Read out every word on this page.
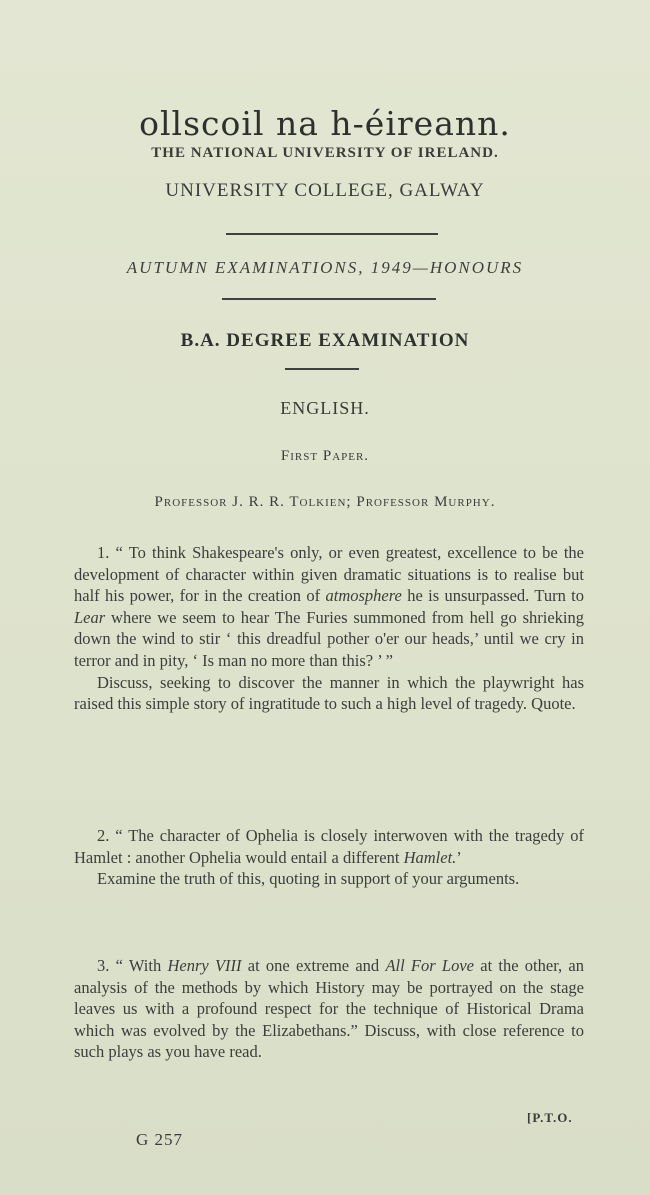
ollscoil na h-éireann.
THE NATIONAL UNIVERSITY OF IRELAND.
UNIVERSITY COLLEGE, GALWAY
AUTUMN EXAMINATIONS, 1949—HONOURS
B.A. DEGREE EXAMINATION
ENGLISH.
First Paper.
Professor J. R. R. Tolkien; Professor Murphy.

1. “ To think Shakespeare's only, or even greatest, excellence to be the development of character within given dramatic situations is to realise but half his power, for in the creation of atmosphere he is unsurpassed. Turn to Lear where we seem to hear The Furies summoned from hell go shrieking down the wind to stir ‘ this dreadful pother o'er our heads,’ until we cry in terror and in pity, ‘ Is man no more than this? ’ ”

Discuss, seeking to discover the manner in which the playwright has raised this simple story of ingratitude to such a high level of tragedy. Quote.

2. “ The character of Ophelia is closely interwoven with the tragedy of Hamlet : another Ophelia would entail a different Hamlet.’

Examine the truth of this, quoting in support of your arguments.

3. “ With Henry VIII at one extreme and All For Love at the other, an analysis of the methods by which History may be portrayed on the stage leaves us with a profound respect for the technique of Historical Drama which was evolved by the Elizabethans.” Discuss, with close reference to such plays as you have read.

[P.T.O.
G 257
